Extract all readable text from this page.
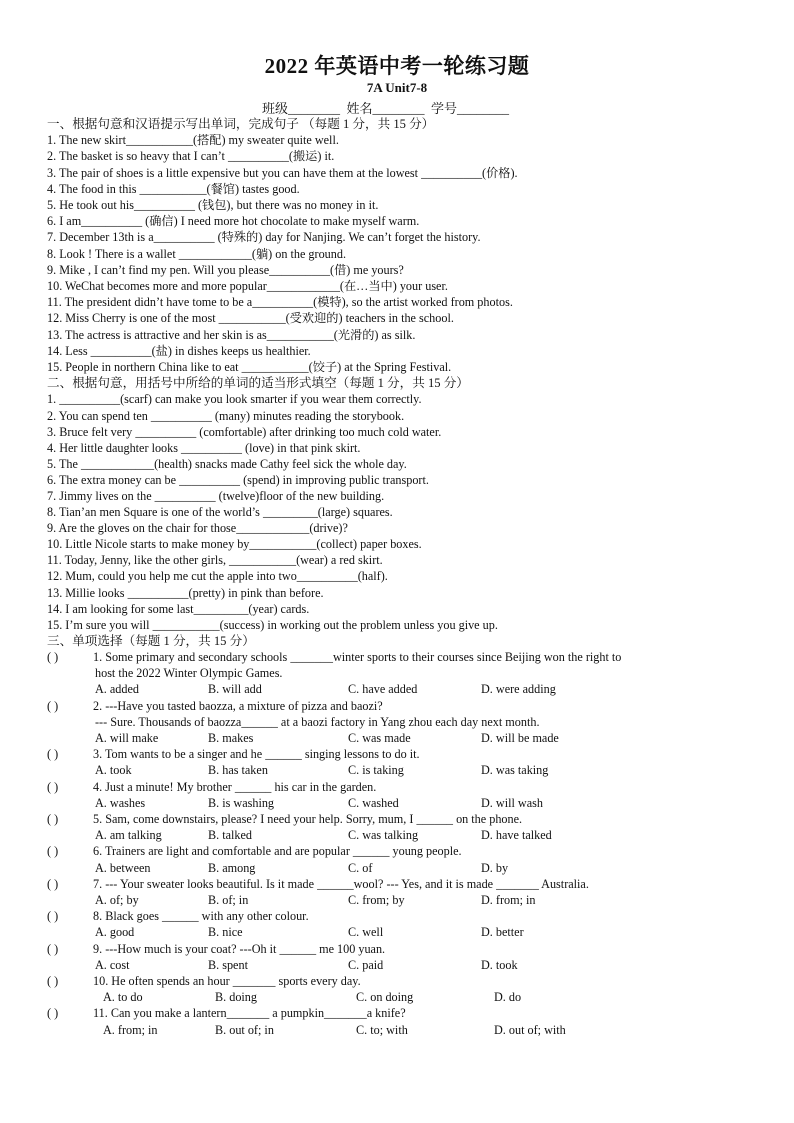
2022 年英语中考一轮练习题
7A Unit7-8
班级________  姓名________  学号________
一、根据句意和汉语提示写出单词，完成句子 （每题 1 分，共 15 分）
1. The new skirt___________(搭配) my sweater quite well.
2. The basket is so heavy that I can’t __________(搬运) it.
3. The pair of shoes is a little expensive but you can have them at the lowest __________(价格).
4. The food in this ___________(餐馆) tastes good.
5. He took out his__________ (钱包), but there was no money in it.
6. I am__________ (确信) I need more hot chocolate to make myself warm.
7. December 13th is a__________ (特殊的) day for Nanjing. We can’t forget the history.
8. Look ! There is a wallet ____________(躺) on the ground.
9. Mike , I can’t find my pen. Will you please__________(借) me yours?
10. WeChat becomes more and more popular____________(在…当中) your user.
11. The president didn’t have tome to be a__________(模特), so the artist worked from photos.
12. Miss Cherry is one of the most ___________(受欢迎的) teachers in the school.
13. The actress is attractive and her skin is as___________(光滑的) as silk.
14. Less __________(盐) in dishes keeps us healthier.
15. People in northern China like to eat ___________(饺子) at the Spring Festival.
二、根据句意，用括号中所给的单词的适当形式填空（每题 1 分，共 15 分）
1. __________(scarf) can make you look smarter if you wear them correctly.
2. You can spend ten __________ (many) minutes reading the storybook.
3. Bruce felt very __________ (comfortable) after drinking too much cold water.
4. Her little daughter looks __________ (love) in that pink skirt.
5. The ____________(health) snacks made Cathy feel sick the whole day.
6. The extra money can be __________ (spend) in improving public transport.
7. Jimmy lives on the __________ (twelve)floor of the new building.
8. Tian’an men Square is one of the world’s _________(large) squares.
9. Are the gloves on the chair for those____________(drive)?
10. Little Nicole starts to make money by___________(collect) paper boxes.
11. Today, Jenny, like the other girls, ___________(wear) a red skirt.
12. Mum, could you help me cut the apple into two__________(half).
13. Millie looks __________(pretty) in pink than before.
14. I am looking for some last_________(year) cards.
15. I’m sure you will ___________(success) in working out the problem unless you give up.
三、单项选择（每题 1 分，共 15 分）
( )	1. Some primary and secondary schools _______winter sports to their courses since Beijing won the right to
host the 2022 Winter Olympic Games.
A. added	B. will add	C. have added	D. were adding
( )	2. ---Have you tasted baozza, a mixture of pizza and baozi?
--- Sure. Thousands of baozza______ at a baozi factory in Yang zhou each day next month.
A. will make	B. makes	C. was made	D. will be made
( )	3. Tom wants to be a singer and he ______ singing lessons to do it.
A. took	B. has taken	C. is taking	D. was taking
( )	4. Just a minute! My brother ______ his car in the garden.
A. washes	B. is washing	C. washed	D. will wash
( )	5. Sam, come downstairs, please? I need your help. Sorry, mum, I ______ on the phone.
A. am talking	B. talked	C. was talking	D. have talked
( )	6. Trainers are light and comfortable and are popular ______ young people.
A. between	B. among	C. of	D. by
( )	7. --- Your sweater looks beautiful. Is it made ______wool? --- Yes, and it is made _______ Australia.
A. of; by	B. of; in	C. from; by	D. from; in
( )	8. Black goes ______ with any other colour.
A. good	B. nice	C. well	D. better
( )	9. ---How much is your coat? ---Oh it ______ me 100 yuan.
A. cost	B. spent	C. paid	D. took
( )	10. He often spends an hour _______ sports every day.
A. to do	B. doing	C. on doing	D. do
( )	11. Can you make a lantern_______ a pumpkin_______a knife?
A. from; in	B. out of; in	C. to; with	D. out of; with
